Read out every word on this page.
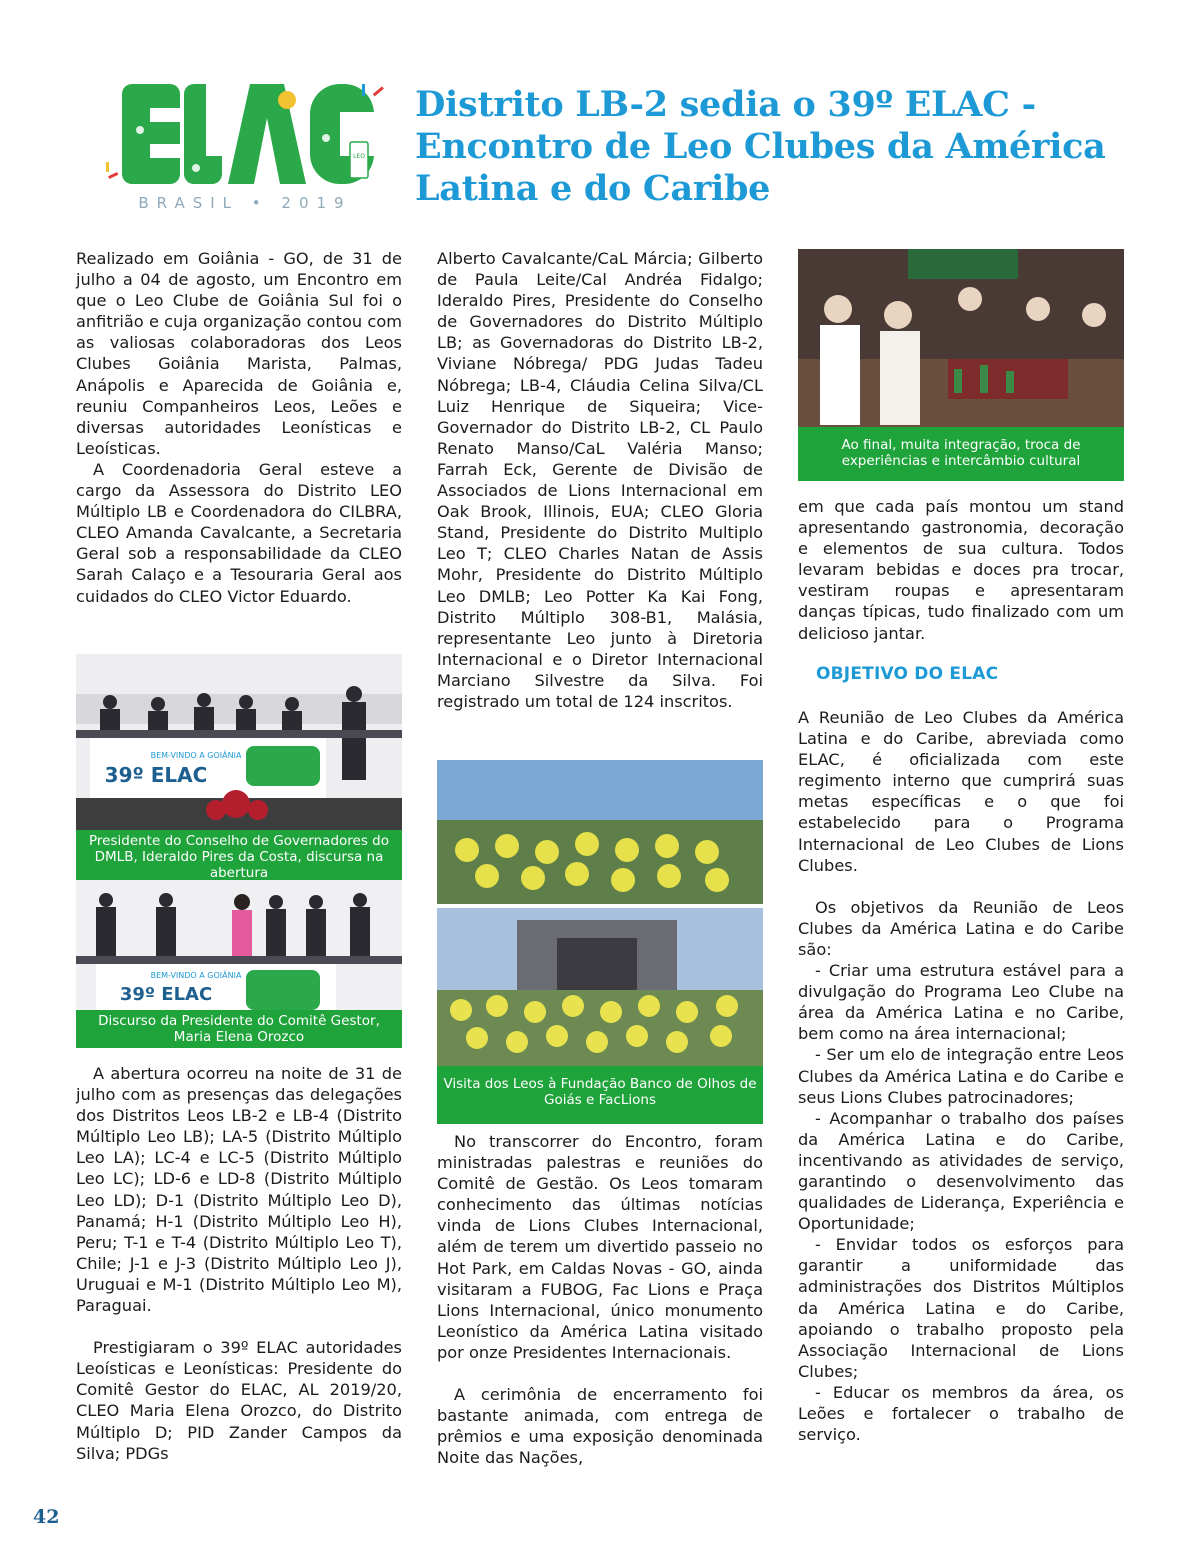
LEO
BRASIL • 2019
Distrito LB-2 sedia o 39º ELAC - Encontro de Leo Clubes da América Latina e do Caribe

Realizado em Goiânia - GO, de 31 de julho a 04 de agosto, um Encontro em que o Leo Clube de Goiânia Sul foi o anfitrião e cuja organização contou com as valiosas colaboradoras dos Leos Clubes Goiânia Marista, Palmas, Anápolis e Aparecida de Goiânia e, reuniu Companheiros Leos, Leões e diversas autoridades Leonísticas e Leoísticas.

A Coordenadoria Geral esteve a cargo da Assessora do Distrito LEO Múltiplo LB e Coordenadora do CILBRA, CLEO Amanda Cavalcante, a Secretaria Geral sob a responsabilidade da CLEO Sarah Calaço e a Tesouraria Geral aos cuidados do CLEO Victor Eduardo.

BEM-VINDO A GOIÂNIA
39º ELAC
Presidente do Conselho de Governadores do DMLB, Ideraldo Pires da Costa, discursa na abertura
BEM-VINDO A GOIÂNIA
39º ELAC
Discurso da Presidente do Comitê Gestor, Maria Elena Orozco

A abertura ocorreu na noite de 31 de julho com as presenças das delegações dos Distritos Leos LB-2 e LB-4 (Distrito Múltiplo Leo LB); LA-5 (Distrito Múltiplo Leo LA); LC-4 e LC-5 (Distrito Múltiplo Leo LC); LD-6 e LD-8 (Distrito Múltiplo Leo LD); D-1 (Distrito Múltiplo Leo D), Panamá; H-1 (Distrito Múltiplo Leo H), Peru; T-1 e T-4 (Distrito Múltiplo Leo T), Chile; J-1 e J-3 (Distrito Múltiplo Leo J), Uruguai e M-1 (Distrito Múltiplo Leo M), Paraguai.

Prestigiaram o 39º ELAC autoridades Leoísticas e Leonísticas: Presidente do Comitê Gestor do ELAC, AL 2019/20, CLEO Maria Elena Orozco, do Distrito Múltiplo D; PID Zander Campos da Silva; PDGs

Alberto Cavalcante/CaL Márcia; Gilberto de Paula Leite/Cal Andréa Fidalgo; Ideraldo Pires, Presidente do Conselho de Governadores do Distrito Múltiplo LB; as Governadoras do Distrito LB-2, Viviane Nóbrega/ PDG Judas Tadeu Nóbrega; LB-4, Cláudia Celina Silva/CL Luiz Henrique de Siqueira; Vice-Governador do Distrito LB-2, CL Paulo Renato Manso/CaL Valéria Manso; Farrah Eck, Gerente de Divisão de Associados de Lions Internacional em Oak Brook, Illinois, EUA; CLEO Gloria Stand, Presidente do Distrito Multiplo Leo T; CLEO Charles Natan de Assis Mohr, Presidente do Distrito Múltiplo Leo DMLB; Leo Potter Ka Kai Fong, Distrito Múltiplo 308-B1, Malásia, representante Leo junto à Diretoria Internacional e o Diretor Internacional Marciano Silvestre da Silva. Foi registrado um total de 124 inscritos.

Visita dos Leos à Fundação Banco de Olhos de Goiás e FacLions

No transcorrer do Encontro, foram ministradas palestras e reuniões do Comitê de Gestão. Os Leos tomaram conhecimento das últimas notícias vinda de Lions Clubes Internacional, além de terem um divertido passeio no Hot Park, em Caldas Novas - GO, ainda visitaram a FUBOG, Fac Lions e Praça Lions Internacional, único monumento Leonístico da América Latina visitado por onze Presidentes Internacionais.

A cerimônia de encerramento foi bastante animada, com entrega de prêmios e uma exposição denominada Noite das Nações,

Ao final, muita integração, troca de experiências e intercâmbio cultural

em que cada país montou um stand apresentando gastronomia, decoração e elementos de sua cultura. Todos levaram bebidas e doces pra trocar, vestiram roupas e apresentaram danças típicas, tudo finalizado com um delicioso jantar.

OBJETIVO DO ELAC

A Reunião de Leo Clubes da América Latina e do Caribe, abreviada como ELAC, é oficializada com este regimento interno que cumprirá suas metas específicas e o que foi estabelecido para o Programa Internacional de Leo Clubes de Lions Clubes.

Os objetivos da Reunião de Leos Clubes da América Latina e do Caribe são:

- Criar uma estrutura estável para a divulgação do Programa Leo Clube na área da América Latina e no Caribe, bem como na área internacional;

- Ser um elo de integração entre Leos Clubes da América Latina e do Caribe e seus Lions Clubes patrocinadores;

- Acompanhar o trabalho dos países da América Latina e do Caribe, incentivando as atividades de serviço, garantindo o desenvolvimento das qualidades de Liderança, Experiência e Oportunidade;

- Envidar todos os esforços para garantir a uniformidade das administrações dos Distritos Múltiplos da América Latina e do Caribe, apoiando o trabalho proposto pela Associação Internacional de Lions Clubes;

- Educar os membros da área, os Leões e fortalecer o trabalho de serviço.

42
